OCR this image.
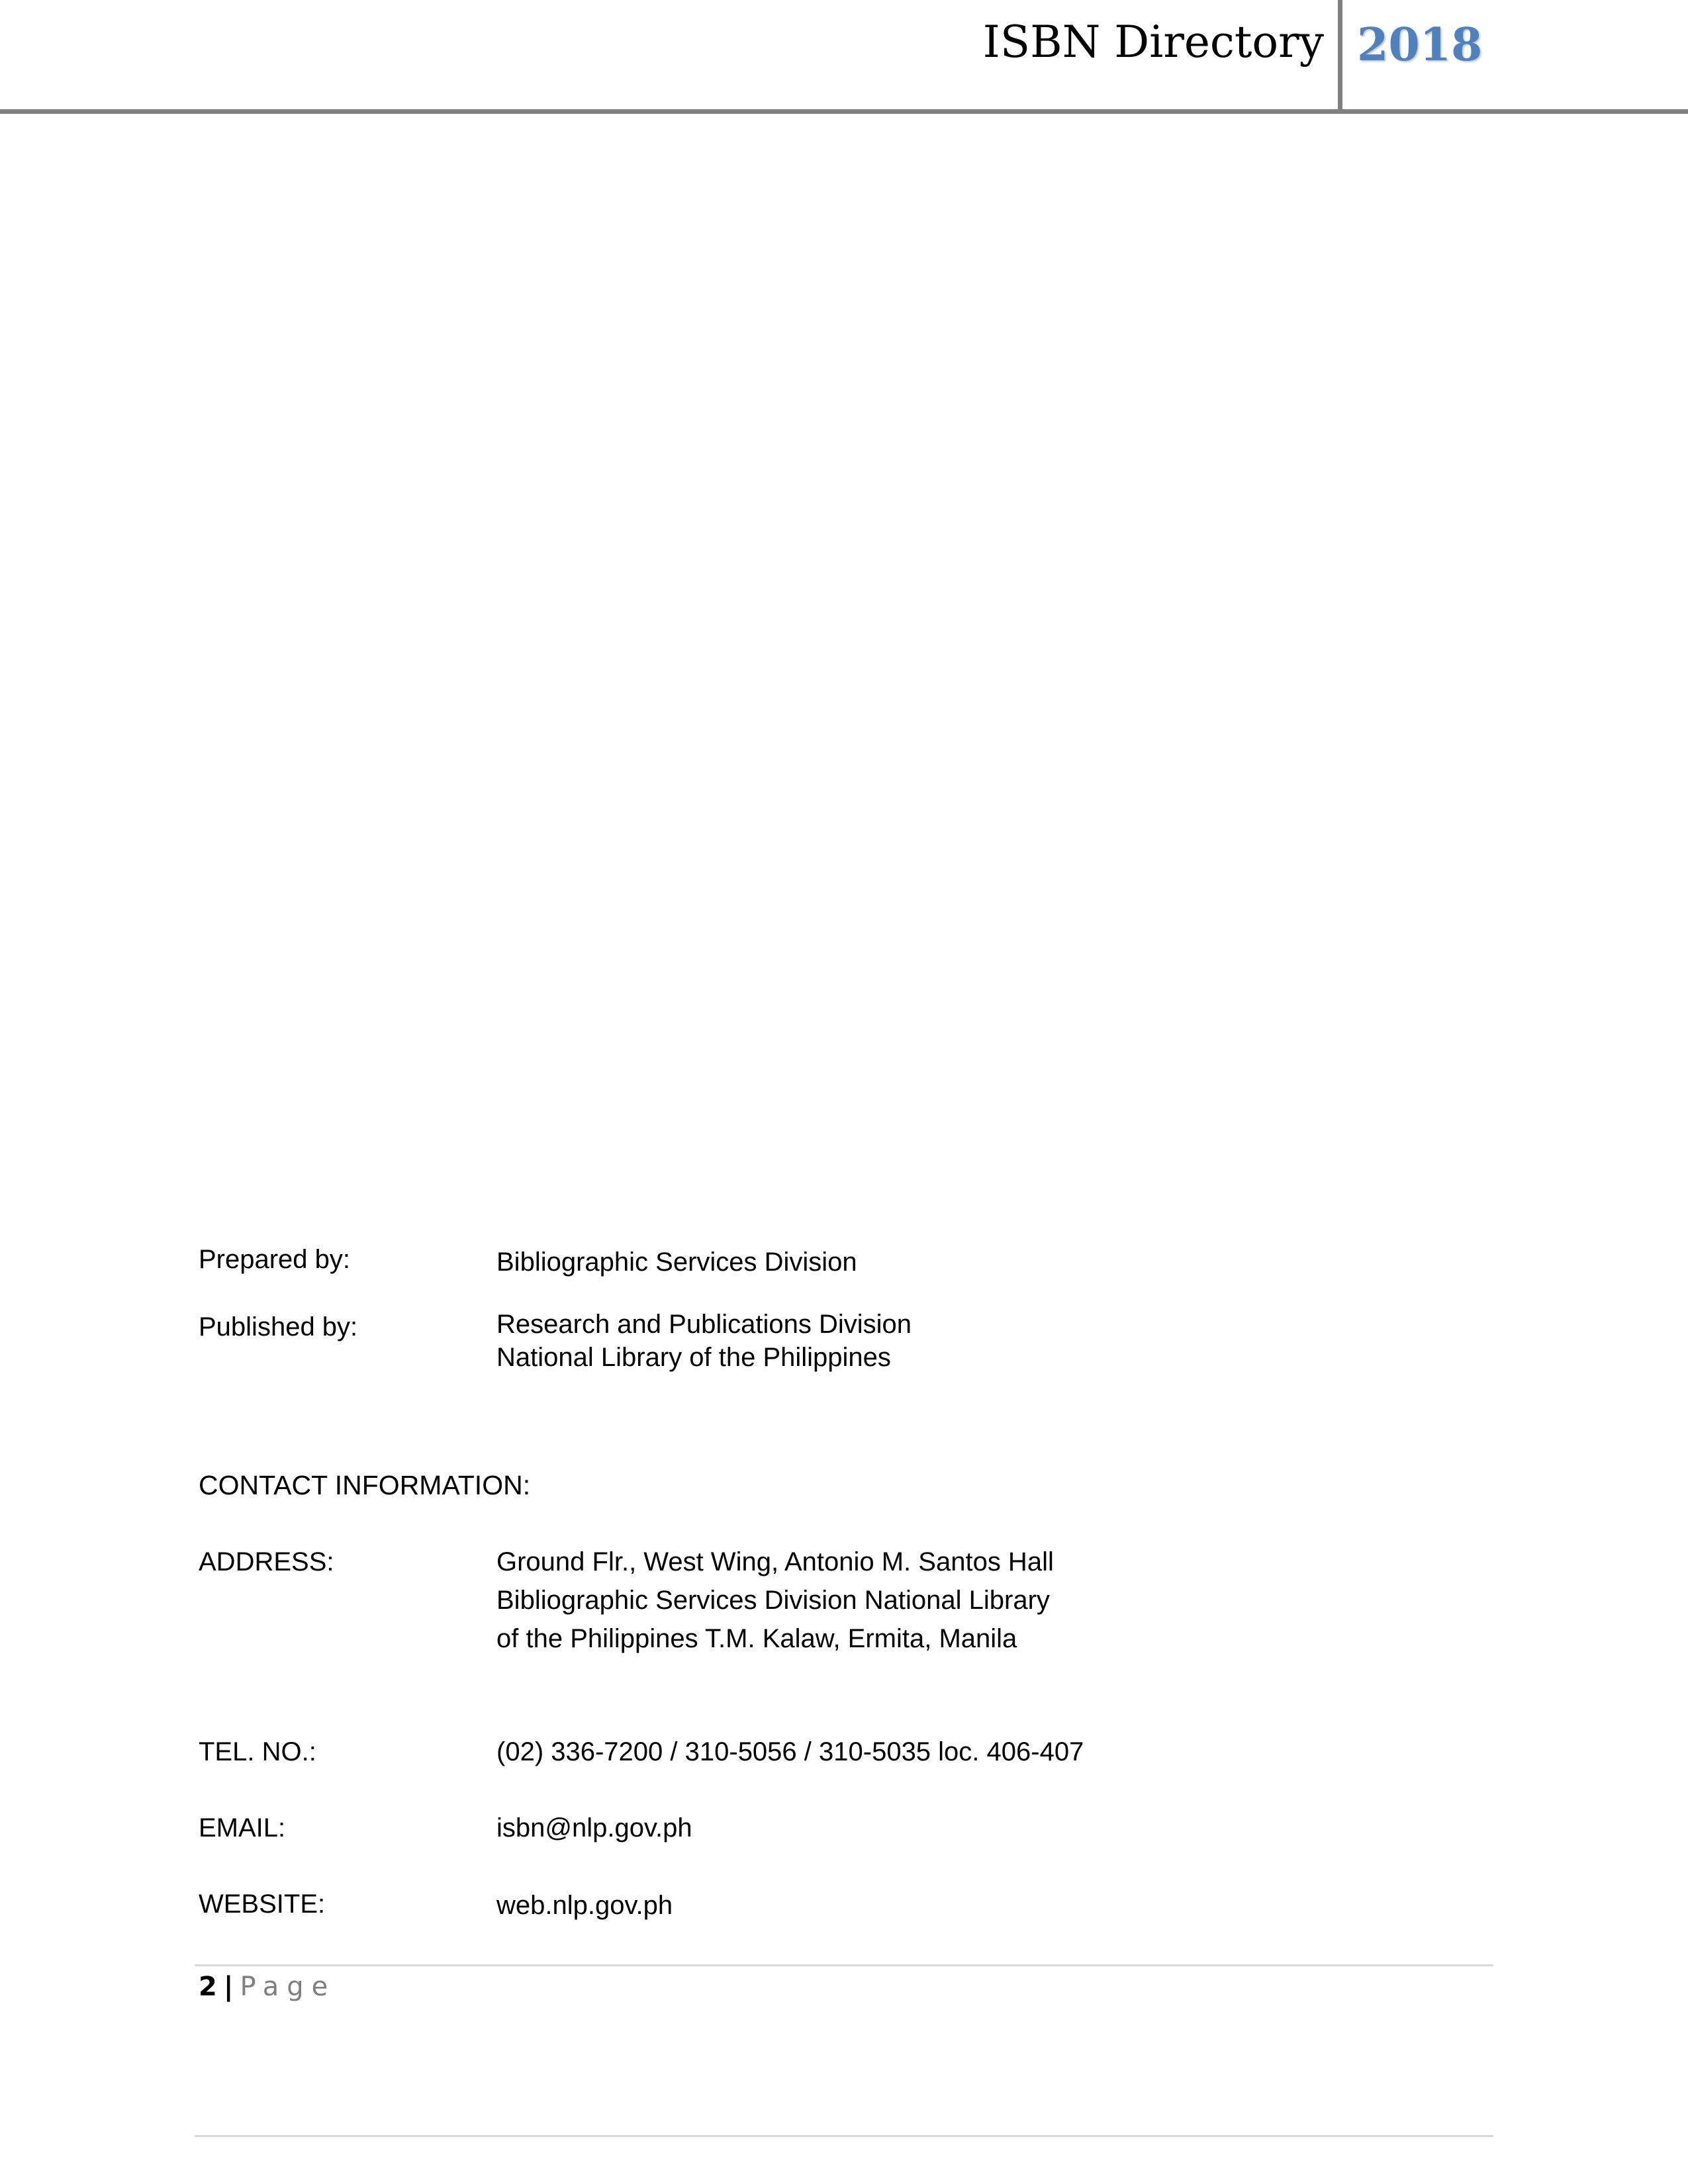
ISBN Directory 2018
Prepared by:	Bibliographic Services Division
Published by:	Research and Publications Division
National Library of the Philippines
CONTACT INFORMATION:
ADDRESS:	Ground Flr., West Wing, Antonio M. Santos Hall
Bibliographic Services Division National Library
of the Philippines T.M. Kalaw, Ermita, Manila
TEL. NO.:	(02) 336-7200 / 310-5056 / 310-5035 loc. 406-407
EMAIL:	isbn@nlp.gov.ph
WEBSITE:	web.nlp.gov.ph
2 | Page
